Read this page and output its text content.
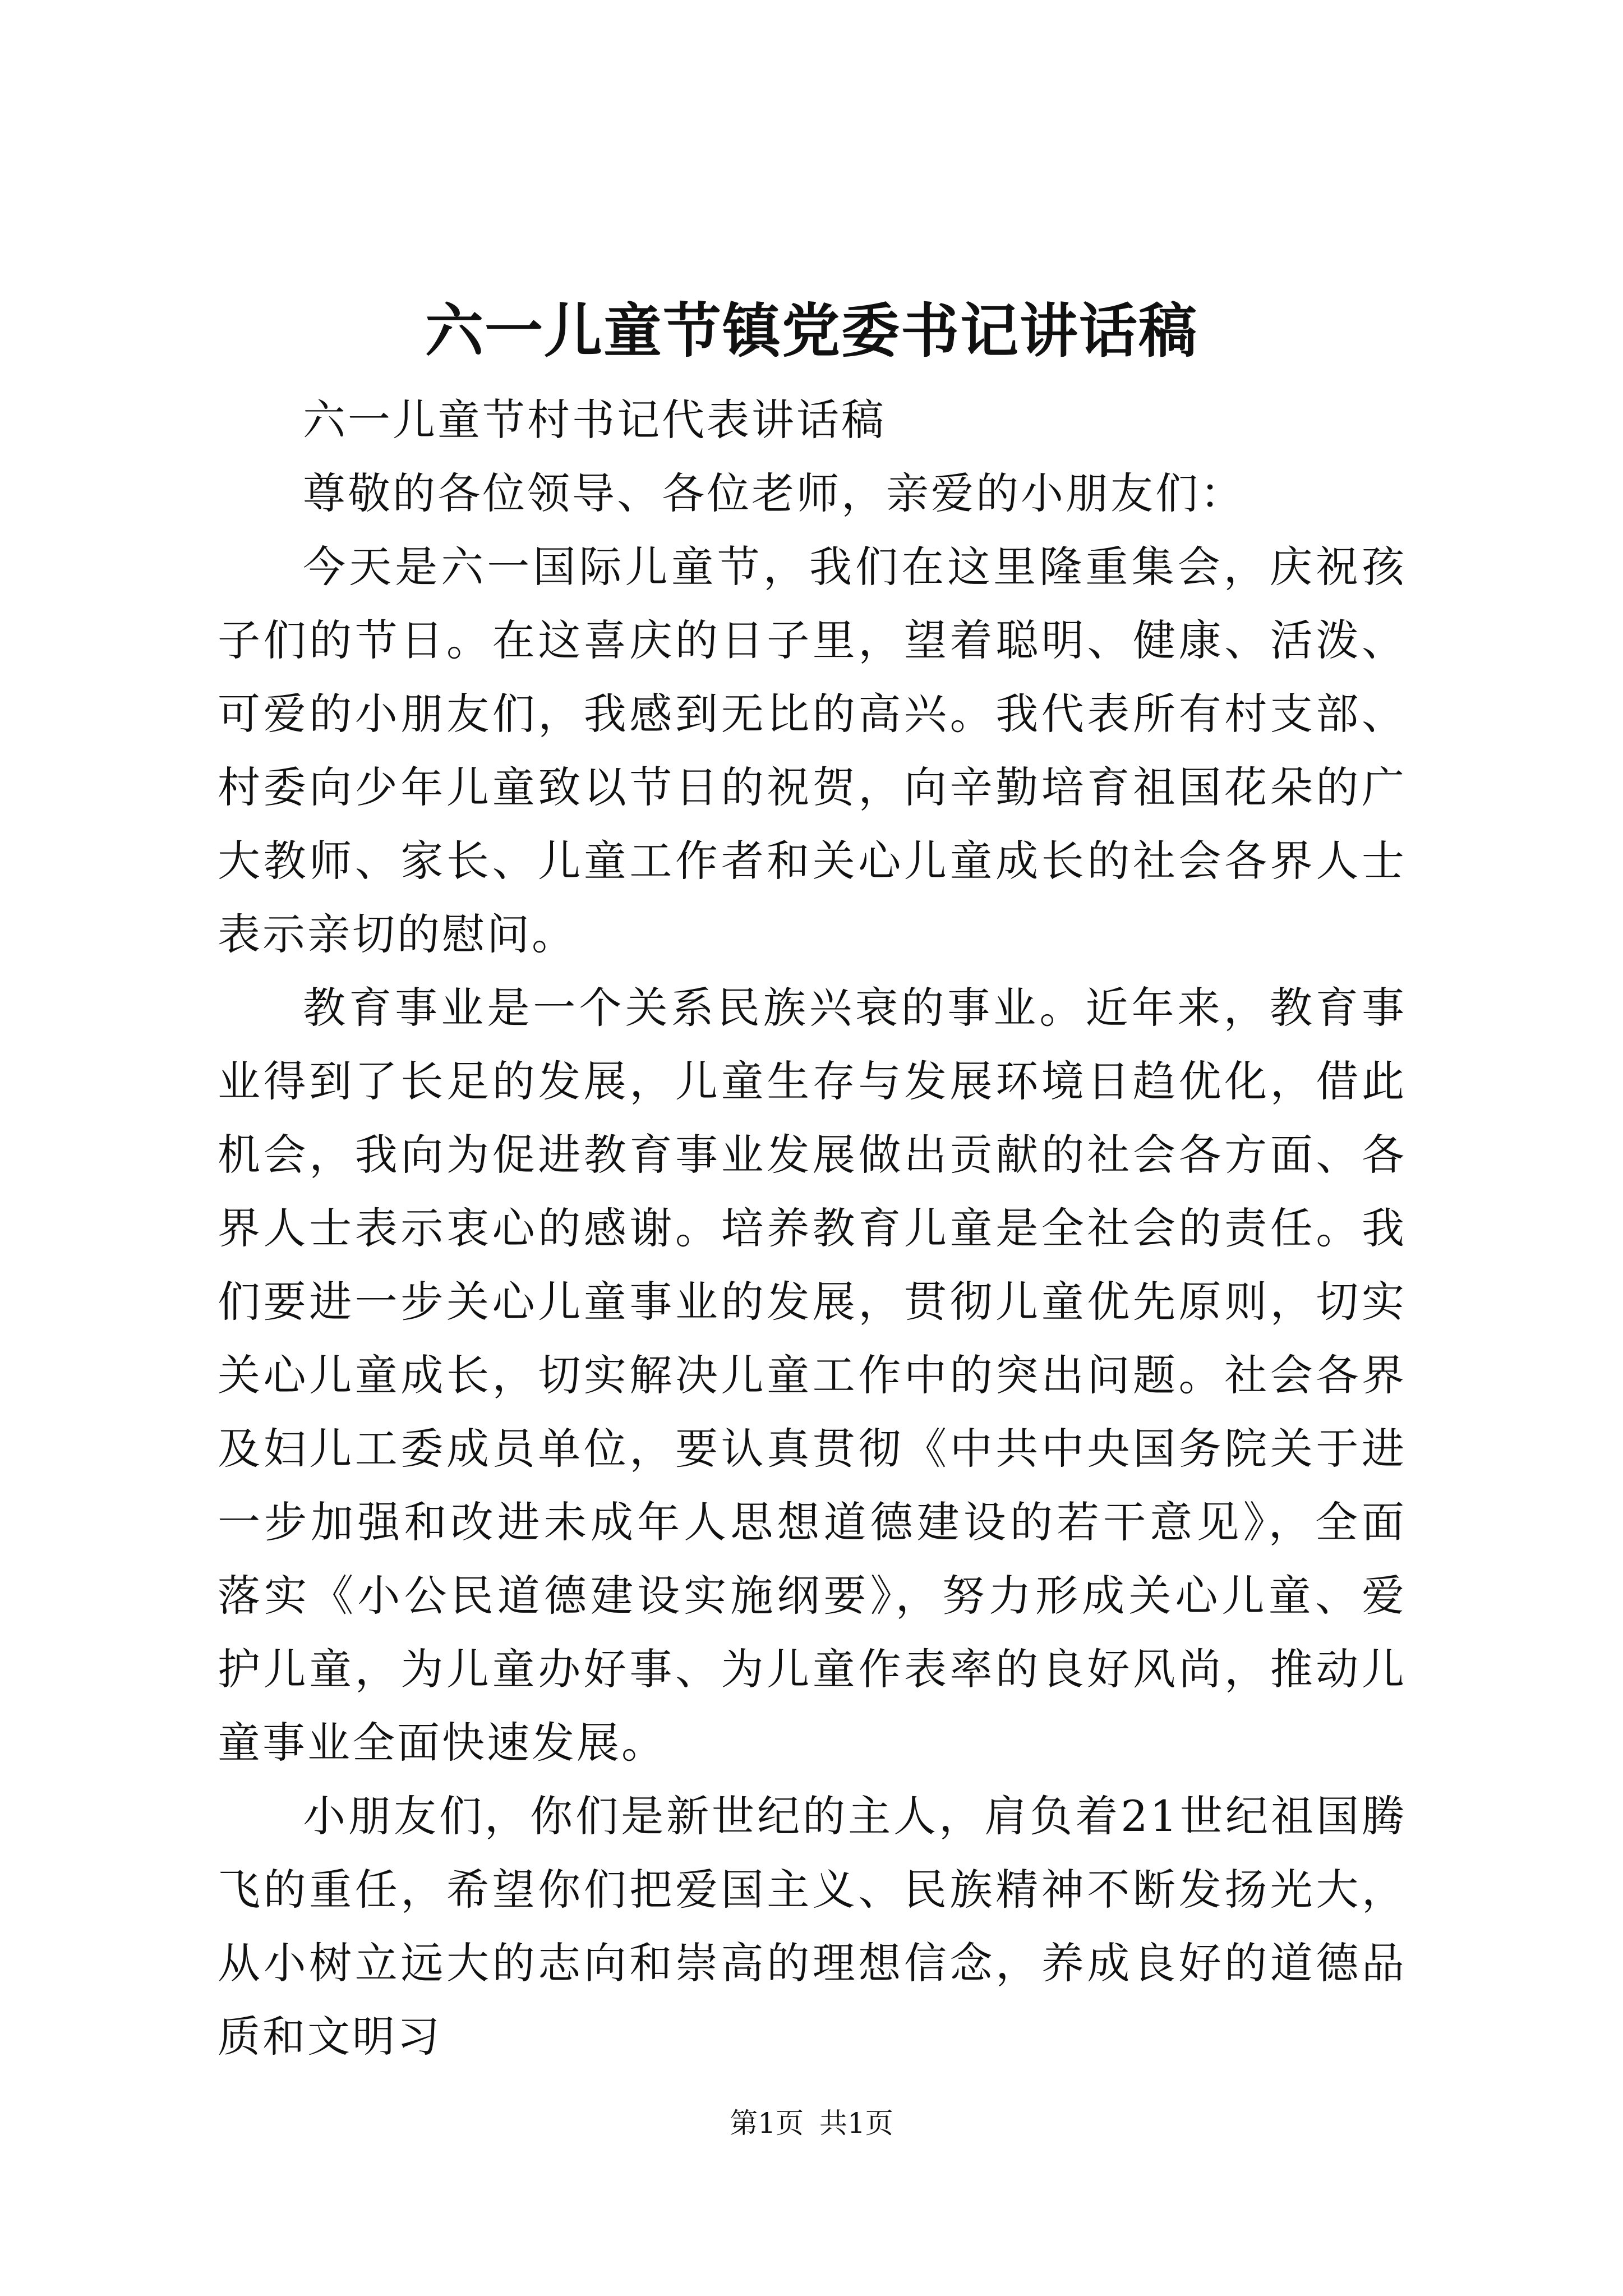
六一儿童节镇党委书记讲话稿

六一儿童节村书记代表讲话稿

尊敬的各位领导、各位老师，亲爱的小朋友们：

今天是六一国际儿童节，我们在这里隆重集会，庆祝孩子们的节日。在这喜庆的日子里，望着聪明、健康、活泼、可爱的小朋友们，我感到无比的高兴。我代表所有村支部、村委向少年儿童致以节日的祝贺，向辛勤培育祖国花朵的广大教师、家长、儿童工作者和关心儿童成长的社会各界人士表示亲切的慰问。

教育事业是一个关系民族兴衰的事业。近年来，教育事业得到了长足的发展，儿童生存与发展环境日趋优化，借此机会，我向为促进教育事业发展做出贡献的社会各方面、各界人士表示衷心的感谢。培养教育儿童是全社会的责任。我们要进一步关心儿童事业的发展，贯彻儿童优先原则，切实关心儿童成长，切实解决儿童工作中的突出问题。社会各界及妇儿工委成员单位，要认真贯彻《中共中央国务院关于进一步加强和改进未成年人思想道德建设的若干意见》，全面落实《小公民道德建设实施纲要》，努力形成关心儿童、爱护儿童，为儿童办好事、为儿童作表率的良好风尚，推动儿童事业全面快速发展。

小朋友们，你们是新世纪的主人，肩负着21世纪祖国腾飞的重任，希望你们把爱国主义、民族精神不断发扬光大，从小树立远大的志向和崇高的理想信念，养成良好的道德品质和文明习

第1页 共1页
